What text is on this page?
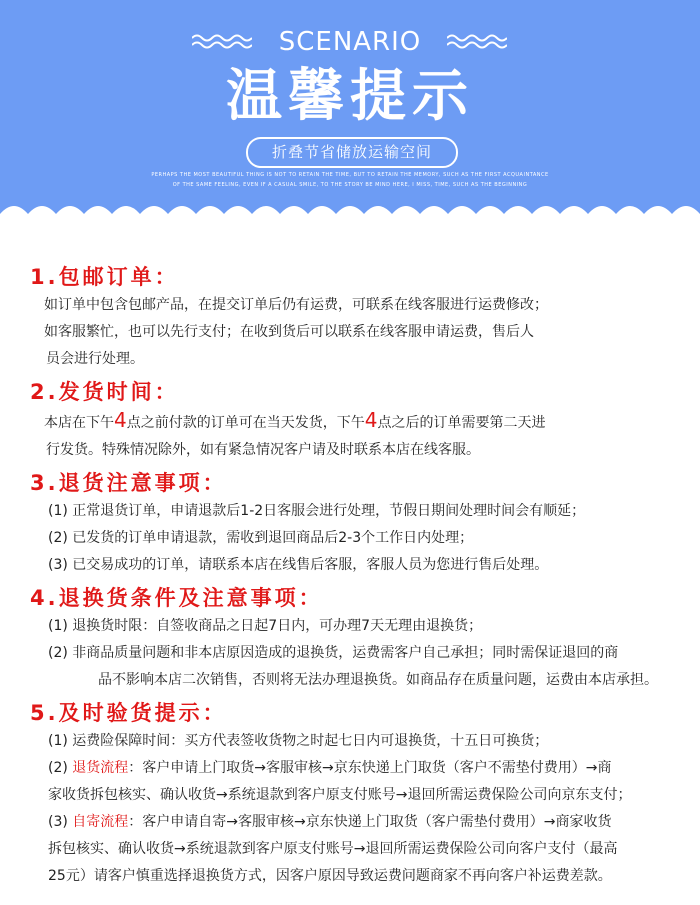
SCENARIO
温馨提示
折叠节省储放运输空间
PERHAPS THE MOST BEAUTIFUL THING IS NOT TO RETAIN THE TIME, BUT TO RETAIN THE MEMORY, SUCH AS THE FIRST ACQUAINTANCE
OF THE SAME FEELING, EVEN IF A CASUAL SMILE, TO THE STORY BE MIND HERE, I MISS, TIME, SUCH AS THE BEGINNING
1.包邮订单：
如订单中包含包邮产品，在提交订单后仍有运费，可联系在线客服进行运费修改；
如客服繁忙，也可以先行支付；在收到货后可以联系在线客服申请运费，售后人
员会进行处理。
2.发货时间：
本店在下午4点之前付款的订单可在当天发货，下午4点之后的订单需要第二天进
行发货。特殊情况除外，如有紧急情况客户请及时联系本店在线客服。
3.退货注意事项：
(1) 正常退货订单，申请退款后1-2日客服会进行处理，节假日期间处理时间会有顺延；
(2) 已发货的订单申请退款，需收到退回商品后2-3个工作日内处理；
(3) 已交易成功的订单，请联系本店在线售后客服，客服人员为您进行售后处理。
4.退换货条件及注意事项：
(1) 退换货时限：自签收商品之日起7日内，可办理7天无理由退换货；
(2) 非商品质量问题和非本店原因造成的退换货，运费需客户自己承担；同时需保证退回的商
品不影响本店二次销售，否则将无法办理退换货。如商品存在质量问题，运费由本店承担。
5.及时验货提示：
(1) 运费险保障时间：买方代表签收货物之时起七日内可退换货，十五日可换货；
(2) 退货流程：客户申请上门取货→客服审核→京东快递上门取货（客户不需垫付费用）→商
家收货拆包核实、确认收货→系统退款到客户原支付账号→退回所需运费保险公司向京东支付；
(3) 自寄流程：客户申请自寄→客服审核→京东快递上门取货（客户需垫付费用）→商家收货
拆包核实、确认收货→系统退款到客户原支付账号→退回所需运费保险公司向客户支付（最高
25元）请客户慎重选择退换货方式，因客户原因导致运费问题商家不再向客户补运费差款。
